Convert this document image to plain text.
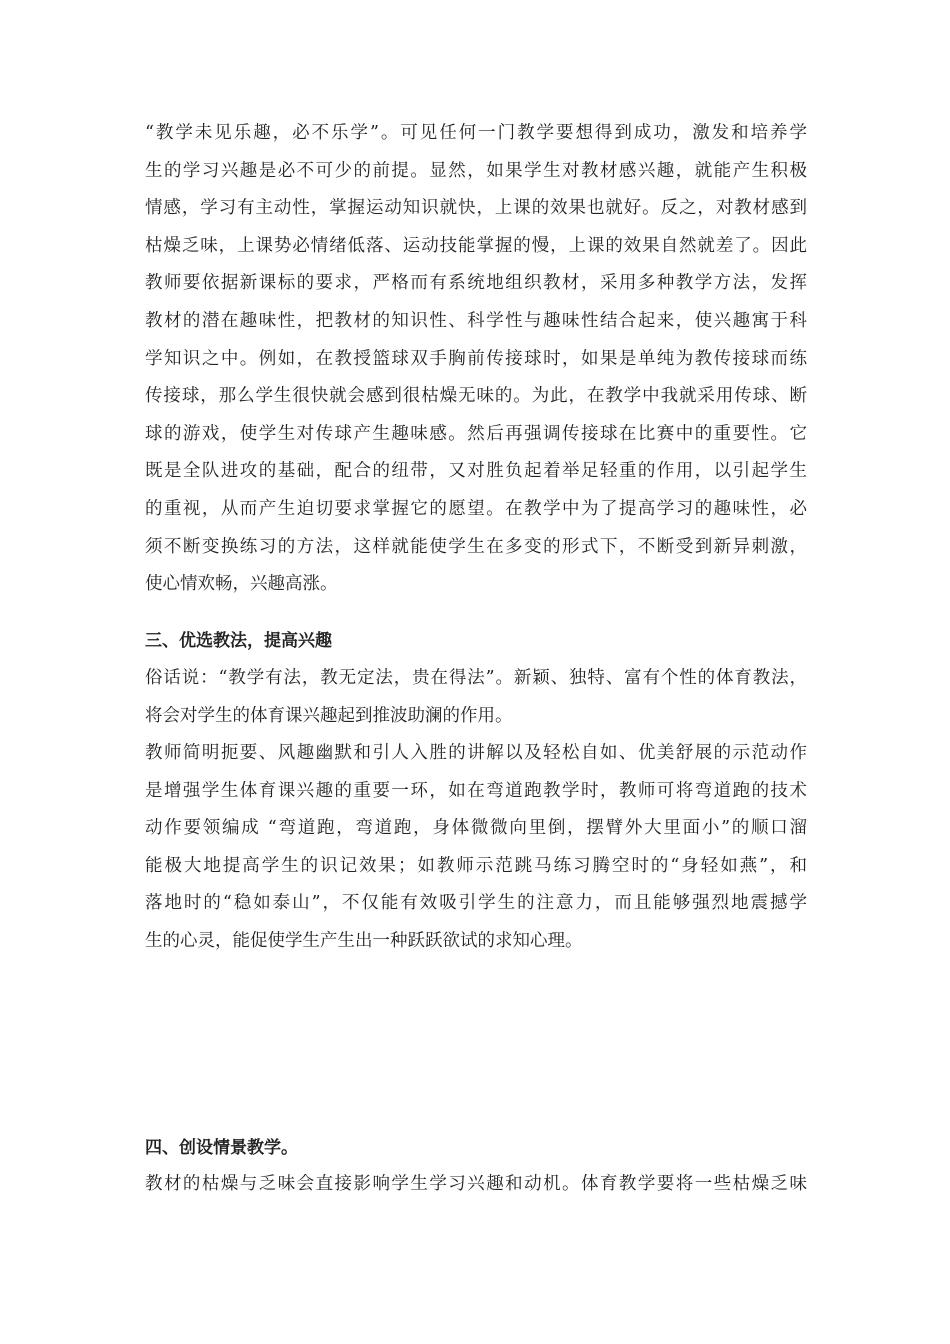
“教学未见乐趣，必不乐学”。可见任何一门教学要想得到成功，激发和培养学
生的学习兴趣是必不可少的前提。显然，如果学生对教材感兴趣，就能产生积极
情感，学习有主动性，掌握运动知识就快，上课的效果也就好。反之，对教材感到
枯燥乏味，上课势必情绪低落、运动技能掌握的慢，上课的效果自然就差了。因此
教师要依据新课标的要求，严格而有系统地组织教材，采用多种教学方法，发挥
教材的潜在趣味性，把教材的知识性、科学性与趣味性结合起来，使兴趣寓于科
学知识之中。例如，在教授篮球双手胸前传接球时，如果是单纯为教传接球而练
传接球，那么学生很快就会感到很枯燥无味的。为此，在教学中我就采用传球、断
球的游戏，使学生对传球产生趣味感。然后再强调传接球在比赛中的重要性。它
既是全队进攻的基础，配合的纽带，又对胜负起着举足轻重的作用，以引起学生
的重视，从而产生迫切要求掌握它的愿望。在教学中为了提高学习的趣味性，必
须不断变换练习的方法，这样就能使学生在多变的形式下，不断受到新异刺激，
使心情欢畅，兴趣高涨。
三、优选教法，提高兴趣
俗话说：“教学有法，教无定法，贵在得法”。新颖、独特、富有个性的体育教法，
将会对学生的体育课兴趣起到推波助澜的作用。
教师简明扼要、风趣幽默和引人入胜的讲解以及轻松自如、优美舒展的示范动作
是增强学生体育课兴趣的重要一环，如在弯道跑教学时，教师可将弯道跑的技术
动作要领编成 “弯道跑，弯道跑，身体微微向里倒，摆臂外大里面小”的顺口溜
能极大地提高学生的识记效果；如教师示范跳马练习腾空时的“身轻如燕”，和
落地时的“稳如泰山”，不仅能有效吸引学生的注意力，而且能够强烈地震撼学
生的心灵，能促使学生产生出一种跃跃欲试的求知心理。
四、创设情景教学。
教材的枯燥与乏味会直接影响学生学习兴趣和动机。体育教学要将一些枯燥乏味
